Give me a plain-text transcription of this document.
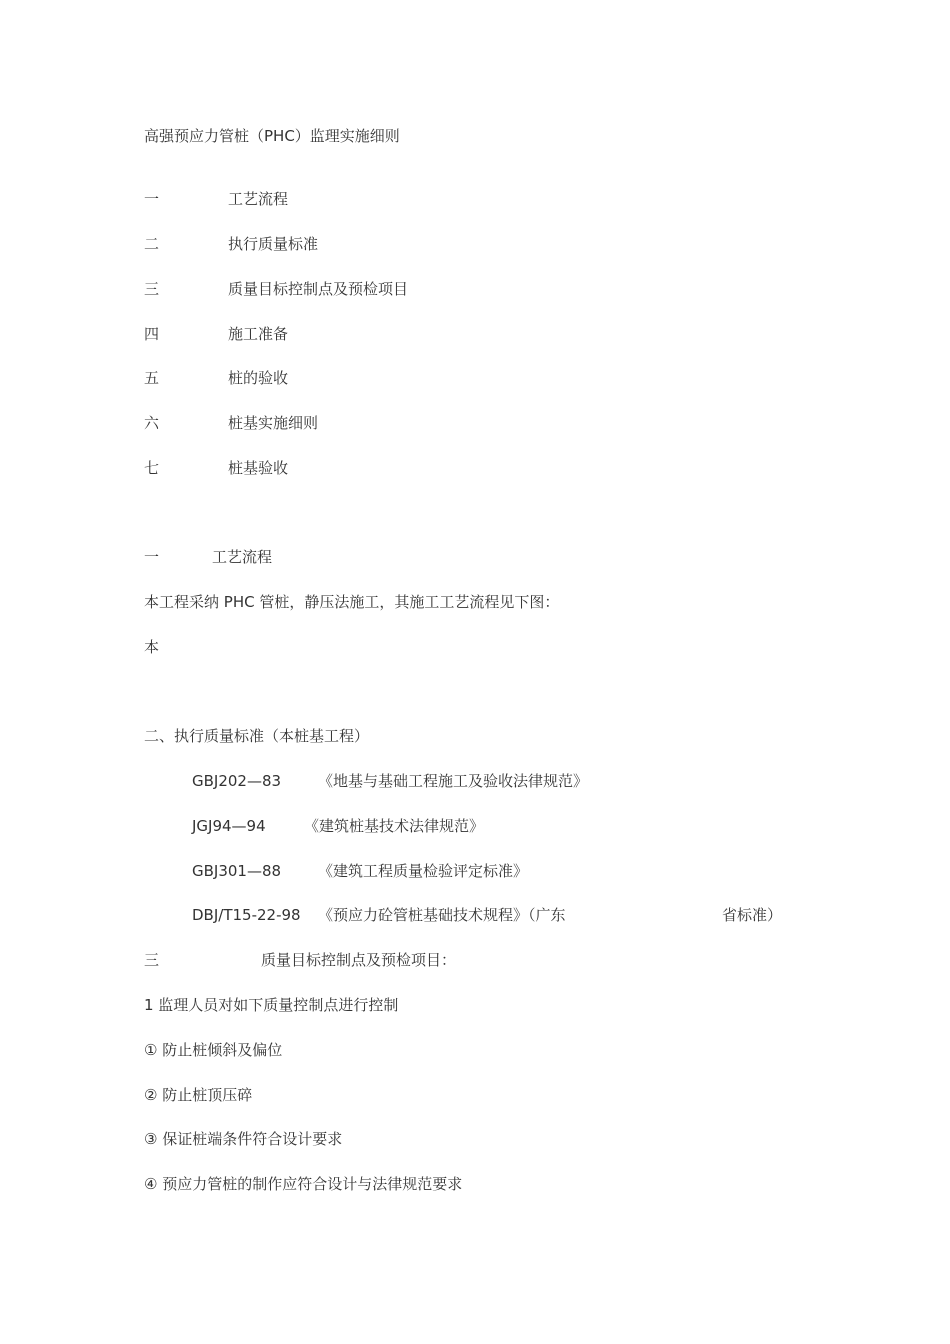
高强预应力管桩（PHC）监理实施细则
一	工艺流程
二	执行质量标准
三	质量目标控制点及预检项目
四	施工准备
五	桩的验收
六	桩基实施细则
七	桩基验收
一	工艺流程
本工程采纳 PHC 管桩，静压法施工，其施工工艺流程见下图：
本
二、执行质量标准（本桩基工程）
GBJ202—83 《地基与基础工程施工及验收法律规范》
JGJ94—94	《建筑桩基技术法律规范》
GBJ301—88 《建筑工程质量检验评定标准》
DBJ/T15-22-98 《预应力砼管桩基础技术规程》（广东	省标准）
三	质量目标控制点及预检项目：
1 监理人员对如下质量控制点进行控制
① 防止桩倾斜及偏位
② 防止桩顶压碎
③ 保证桩端条件符合设计要求
④ 预应力管桩的制作应符合设计与法律规范要求
